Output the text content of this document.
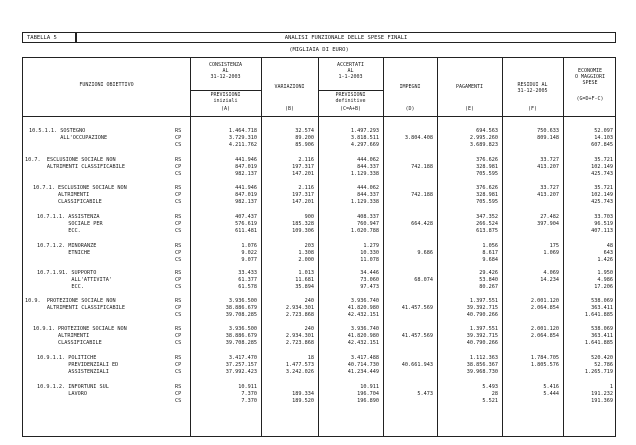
TABELLA 5	ANALISI FUNZIONALE DELLE SPESE FINALI
(MIGLIAIA DI EURO)
FUNZIONI OBIETTIVO
CONSISTENZA
AL
31-12-2003
PREVISIONI
iniziali
(A)
VARIAZIONI
(B)
ACCERTATI
AL
1-1-2003
PREVISIONI
definitive
(C=A+B)
IMPEGNI
(D)
PAGAMENTI
(E)
RESIDUI AL
31-12-2005
(F)
ECONOMIE
O MAGGIORI
SPESE
(G=D+F-C)
10.5.1.1. SOSTEGNO
ALL'OCCUPAZIONE
RS
CP
CS
1.464.718
3.729.310
4.211.762
32.574
89.200
85.906
1.497.293
3.818.511
4.297.669

3.804.408

694.563
2.995.260
3.689.823
750.633
809.148

52.097
14.103
607.845
10.7.  ESCLUSIONE SOCIALE NON
ALTRIMENTI CLASSIFICABILE
RS
CP
CS
441.946
847.019
982.137
2.116
197.317
147.201
444.062
844.337
1.129.338

742.188

376.626
328.981
705.595
33.727
413.207

35.721
102.149
425.743
10.7.1. ESCLUSIONE SOCIALE NON
ALTRIMENTI
CLASSIFICABILE
RS
CP
CS
441.946
847.019
982.137
2.116
197.317
147.201
444.062
844.337
1.129.338

742.188

376.626
328.981
705.595
33.727
413.207

35.721
102.149
425.743
10.7.1.1. ASSISTENZA
SOCIALE PER
ECC.
RS
CP
CS
407.437
576.619
611.481
900
185.328
109.306
408.337
760.947
1.020.788

664.428

347.352
266.524
613.875
27.482
397.904

33.703
96.519
407.113
10.7.1.2. MINORANZE
ETNICHE
RS
CP
CS
1.076
9.022
9.077
203
1.308
2.000
1.279
10.330
11.078

9.686

1.056
8.617
9.684
175
1.069

48
643
1.426
10.7.1.91. SUPPORTO
ALL'ATTIVITA'
ECC.
RS
CP
CS
33.433
61.377
61.578
1.013
11.681
35.894
34.446
73.060
97.473

68.074

29.426
53.840
80.267
4.069
14.234

1.950
4.986
17.206
10.9.  PROTEZIONE SOCIALE NON
ALTRIMENTI CLASSIFICABILE
RS
CP
CS
3.936.500
38.886.679
39.708.285
240
2.934.301
2.723.868
3.936.740
41.820.980
42.432.151

41.457.569

1.397.551
39.392.715
40.790.266
2.001.120
2.064.854

538.069
363.411
1.641.885
10.9.1. PROTEZIONE SOCIALE NON
ALTRIMENTI
CLASSIFICABILE
RS
CP
CS
3.936.500
38.886.679
39.708.285
240
2.934.301
2.723.868
3.936.740
41.820.980
42.432.151

41.457.569

1.397.551
39.392.715
40.790.266
2.001.120
2.064.854

538.069
363.411
1.641.885
10.9.1.1. POLITICHE
PREVIDENZIALI ED
ASSISTENZIALI
RS
CP
CS
3.417.470
37.257.157
37.992.423
18
1.477.573
3.242.026
3.417.488
40.714.730
41.234.449

40.661.943

1.112.363
38.856.367
39.968.730
1.784.705
1.805.576

520.420
52.786
1.265.719
10.9.1.2. INFORTUNI SUL
LAVORO
RS
CP
CS
10.911
7.370
7.370

189.334
189.520
10.911
196.704
196.890

5.473

5.493
28
5.521
5.416
5.444

1
191.232
191.369
